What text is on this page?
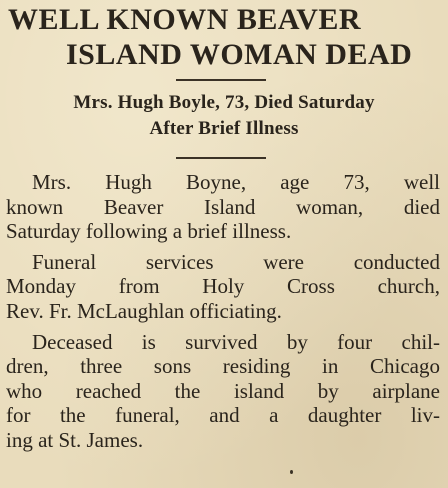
WELL KNOWN BEAVER
ISLAND WOMAN DEAD
Mrs. Hugh Boyle, 73, Died Saturday
After Brief Illness

Mrs. Hugh Boyne, age 73, well
known Beaver Island woman, died
Saturday following a brief illness.

Funeral services were conducted
Monday from Holy Cross church,
Rev. Fr. McLaughlan officiating.

Deceased is survived by four chil-
dren, three sons residing in Chicago
who reached the island by airplane
for the funeral, and a daughter liv-
ing at St. James.
